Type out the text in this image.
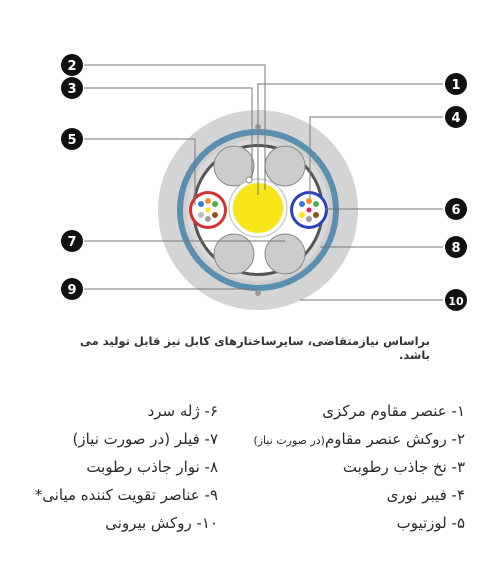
2
3
5
7
9
1
4
6
8
10
براساس نیازمتقاضی، سایرساختارهای کابل نیز قابل تولید می باشد.
۱- عنصر مقاوم مرکزی
۲- روکش عنصر مقاوم(در صورت نیاز)
۳- نخ جاذب رطوبت
۴- فیبر نوری
۵- لوزتیوب
۶- ژله سرد
۷- فیلر (در صورت نیاز)
۸- نوار جاذب رطوبت
۹- عناصر تقویت کننده میانی*
۱۰- روکش بیرونی
